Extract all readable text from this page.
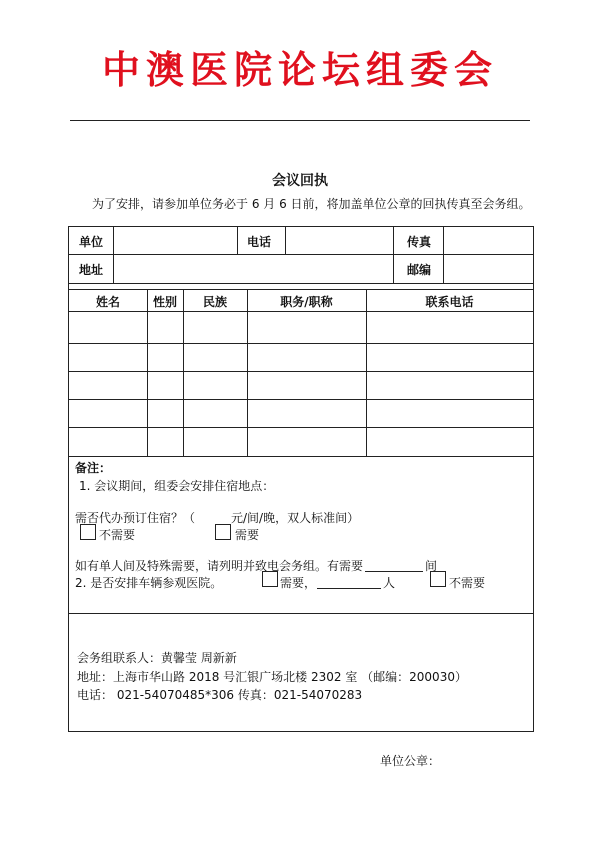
中澳医院论坛组委会
会议回执
为了安排，请参加单位务必于 6 月 6 日前，将加盖单位公章的回执传真至会务组。
单位	电话	传真
地址	邮编
姓名	性别	民族	职务/职称	联系电话
备注：
1. 会议期间，组委会安排住宿地点：
需否代办预订住宿？（	元/间/晚，双人标准间）
不需要	需要
如有单人间及特殊需要，请列明并致电会务组。有需要	间
2. 是否安排车辆参观医院。	需要，	人	不需要
会务组联系人：黄馨莹 周新新
地址：上海市华山路 2018 号汇银广场北楼 2302 室 （邮编：200030）
电话： 021-54070485*306 传真：021-54070283
单位公章：
